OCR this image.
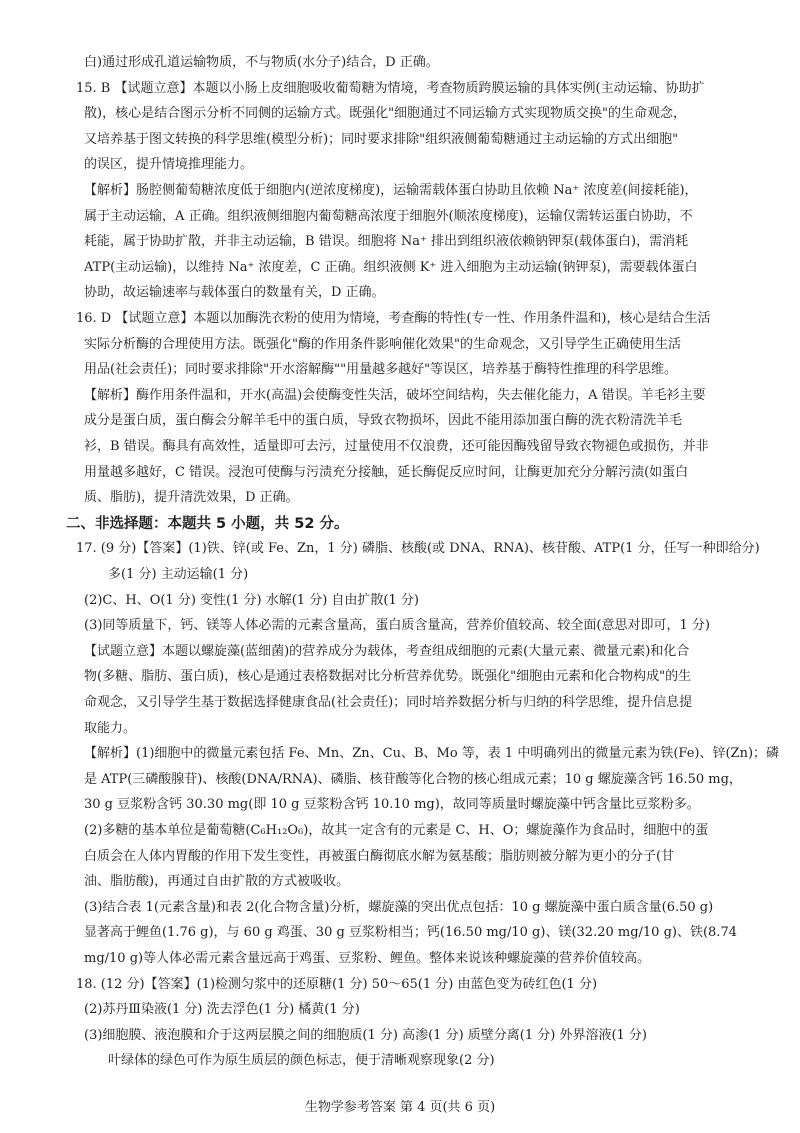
白)通过形成孔道运输物质，不与物质(水分子)结合，D 正确。
15. B 【试题立意】本题以小肠上皮细胞吸收葡萄糖为情境，考查物质跨膜运输的具体实例(主动运输、协助扩
散)，核心是结合图示分析不同侧的运输方式。既强化"细胞通过不同运输方式实现物质交换"的生命观念，
又培养基于图文转换的科学思维(模型分析)；同时要求排除"组织液侧葡萄糖通过主动运输的方式出细胞"
的误区，提升情境推理能力。
【解析】肠腔侧葡萄糖浓度低于细胞内(逆浓度梯度)，运输需载体蛋白协助且依赖 Na⁺ 浓度差(间接耗能)，
属于主动运输，A 正确。组织液侧细胞内葡萄糖高浓度于细胞外(顺浓度梯度)，运输仅需转运蛋白协助，不
耗能，属于协助扩散，并非主动运输，B 错误。细胞将 Na⁺ 排出到组织液依赖钠钾泵(载体蛋白)，需消耗
ATP(主动运输)，以维持 Na⁺ 浓度差，C 正确。组织液侧 K⁺ 进入细胞为主动运输(钠钾泵)，需要载体蛋白
协助，故运输速率与载体蛋白的数量有关，D 正确。
16. D 【试题立意】本题以加酶洗衣粉的使用为情境，考查酶的特性(专一性、作用条件温和)，核心是结合生活
实际分析酶的合理使用方法。既强化"酶的作用条件影响催化效果"的生命观念，又引导学生正确使用生活
用品(社会责任)；同时要求排除"开水溶解酶""用量越多越好"等误区，培养基于酶特性推理的科学思维。
【解析】酶作用条件温和，开水(高温)会使酶变性失活，破坏空间结构，失去催化能力，A 错误。羊毛衫主要
成分是蛋白质，蛋白酶会分解羊毛中的蛋白质，导致衣物损坏，因此不能用添加蛋白酶的洗衣粉清洗羊毛
衫，B 错误。酶具有高效性，适量即可去污，过量使用不仅浪费，还可能因酶残留导致衣物褪色或损伤，并非
用量越多越好，C 错误。浸泡可使酶与污渍充分接触，延长酶促反应时间，让酶更加充分分解污渍(如蛋白
质、脂肪)，提升清洗效果，D 正确。
二、非选择题：本题共 5 小题，共 52 分。
17. (9 分)【答案】(1)铁、锌(或 Fe、Zn，1 分) 磷脂、核酸(或 DNA、RNA)、核苷酸、ATP(1 分，任写一种即给分)
多(1 分) 主动运输(1 分)
(2)C、H、O(1 分) 变性(1 分) 水解(1 分) 自由扩散(1 分)
(3)同等质量下，钙、镁等人体必需的元素含量高，蛋白质含量高，营养价值较高、较全面(意思对即可，1 分)
【试题立意】本题以螺旋藻(蓝细菌)的营养成分为载体，考查组成细胞的元素(大量元素、微量元素)和化合
物(多糖、脂肪、蛋白质)，核心是通过表格数据对比分析营养优势。既强化"细胞由元素和化合物构成"的生
命观念，又引导学生基于数据选择健康食品(社会责任)；同时培养数据分析与归纳的科学思维，提升信息提
取能力。
【解析】(1)细胞中的微量元素包括 Fe、Mn、Zn、Cu、B、Mo 等，表 1 中明确列出的微量元素为铁(Fe)、锌(Zn)；磷
是 ATP(三磷酸腺苷)、核酸(DNA/RNA)、磷脂、核苷酸等化合物的核心组成元素；10 g 螺旋藻含钙 16.50 mg，
30 g 豆浆粉含钙 30.30 mg(即 10 g 豆浆粉含钙 10.10 mg)，故同等质量时螺旋藻中钙含量比豆浆粉多。
(2)多糖的基本单位是葡萄糖(C₆H₁₂O₆)，故其一定含有的元素是 C、H、O；螺旋藻作为食品时，细胞中的蛋
白质会在人体内胃酸的作用下发生变性，再被蛋白酶彻底水解为氨基酸；脂肪则被分解为更小的分子(甘
油、脂肪酸)，再通过自由扩散的方式被吸收。
(3)结合表 1(元素含量)和表 2(化合物含量)分析，螺旋藻的突出优点包括：10 g 螺旋藻中蛋白质含量(6.50 g)
显著高于鲤鱼(1.76 g)，与 60 g 鸡蛋、30 g 豆浆粉相当；钙(16.50 mg/10 g)、镁(32.20 mg/10 g)、铁(8.74
mg/10 g)等人体必需元素含量远高于鸡蛋、豆浆粉、鲤鱼。整体来说该种螺旋藻的营养价值较高。
18. (12 分)【答案】(1)检测匀浆中的还原糖(1 分) 50～65(1 分) 由蓝色变为砖红色(1 分)
(2)苏丹Ⅲ染液(1 分) 洗去浮色(1 分) 橘黄(1 分)
(3)细胞膜、液泡膜和介于这两层膜之间的细胞质(1 分) 高渗(1 分) 质壁分离(1 分) 外界溶液(1 分)
叶绿体的绿色可作为原生质层的颜色标志，便于清晰观察现象(2 分)
生物学参考答案 第 4 页(共 6 页)
